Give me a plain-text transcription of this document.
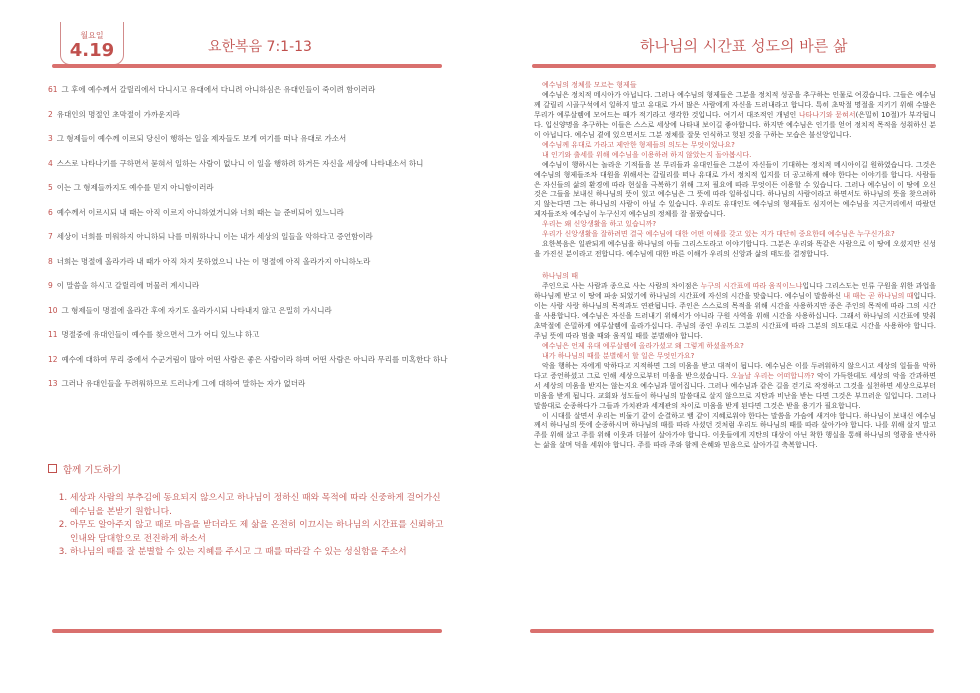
월요일
4.19	요한복음 7:1-13
61 그 후에 예수께서 갈릴리에서 다니시고 유대에서 다니려 아니하심은 유대인들이 죽이려 함이러라
2 유대인의 명절인 초막절이 가까운지라
3 그 형제들이 예수께 이르되 당신이 행하는 일을 제자들도 보게 여기를 떠나 유대로 가소서
4 스스로 나타나기를 구하면서 묻혀서 일하는 사람이 없나니 이 일을 행하려 하거든 자신을 세상에 나타내소서 하니
5 이는 그 형제들까지도 예수를 믿지 아니함이러라
6 예수께서 이르시되 내 때는 아직 이르지 아니하였거니와 너희 때는 늘 준비되어 있느니라
7 세상이 너희를 미워하지 아니하되 나를 미워하나니 이는 내가 세상의 일들을 악하다고 증언함이라
8 너희는 명절에 올라가라 내 때가 아직 차지 못하였으니 나는 이 명절에 아직 올라가지 아니하노라
9 이 말씀을 하시고 갈릴리에 머물러 계시니라
10 그 형제들이 명절에 올라간 후에 자기도 올라가시되 나타내지 않고 은밀히 가시니라
11 명절중에 유대인들이 예수를 찾으면서 그가 어디 있느냐 하고
12 예수에 대하여 무리 중에서 수군거림이 많아 어떤 사람은 좋은 사람이라 하며 어떤 사람은 아니라 무리를 미혹한다 하나
13 그러나 유대인들을 두려워하므로 드러나게 그에 대하여 말하는 자가 없더라
함께 기도하기
1. 세상과 사람의 부추김에 동요되지 않으시고 하나님이 정하신 때와 목적에 따라 신중하게 걸어가신 예수님을 본받기 원합니다.
2. 아무도 알아주지 않고 때로 마음을 받더라도 제 삶을 온전히 이끄시는 하나님의 시간표를 신뢰하고 인내와 담대함으로 전진하게 하소서
3. 하나님의 때를 잘 분별할 수 있는 지혜를 주시고 그 때를 따라갈 수 있는 성실함을 주소서
하나님의 시간표 성도의 바른 삶

예수님의 정체를 모르는 형제들

예수님은 정치적 메시아가 아닙니다. 그러나 예수님의 형제들은 그분을 정치적 성공을 추구하는 인물로 여겼습니다. 그들은 예수님께 갈릴리 시골구석에서 일하지 말고 유대로 가서 많은 사람에게 자신을 드러내라고 합니다. 특히 초막절 명절을 지키기 위해 수많은 무리가 예루살렘에 모여드는 때가 적기라고 생각한 것입니다. 여기서 대조적인 개념인 나타나기와 묻혀서(은밀히 10절)가 부각됩니다. 입신양명을 추구하는 이들은 스스로 세상에 나타내 보이길 좋아합니다. 하지만 예수님은 인기를 얻어 정치적 목적을 성취하신 분이 아닙니다. 예수님 곁에 있으면서도 그분 정체를 잘못 인식하고 헛된 것을 구하는 모습은 불신앙입니다.

예수님께 유대로 가라고 제안한 형제들의 의도는 무엇이었나요?

내 인기와 출세를 위해 예수님을 이용하려 하지 않았는지 돌아봅시다.

예수님이 행하시는 놀라운 기적들을 본 무리들과 유대인들은 그분이 자신들이 기대하는 정치적 메시아이길 원하였습니다. 그것은 예수님의 형제들조차 대원을 위해서는 갈릴리를 떠나 유대로 가서 정치적 입지를 더 공고하게 해야 한다는 이야기를 합니다. 사람들은 자신들의 삶의 환경에 따라 현실을 극복하기 위해 그저 필요에 따라 무엇이든 이용할 수 있습니다. 그러나 예수님이 이 땅에 오신 것은 그들을 보내신 하나님의 뜻이 있고 예수님은 그 뜻에 따라 일하십니다. 하나님의 사람이라고 하면서도 하나님의 뜻을 찾으려하지 않는다면 그는 하나님의 사람이 아닐 수 있습니다. 우리도 유대인도 예수님의 형제들도 심지어는 예수님을 지근거리에서 따랐던 제자들조차 예수님이 누구신지 예수님의 정체를 잘 몰랐습니다.

우리는 왜 신앙생활을 하고 있습니까?

우리가 신앙생활을 잘하려면 결국 예수님에 대한 어떤 이해를 갖고 있는 지가 대단히 중요한데 예수님은 누구신가요?

요한복음은 일관되게 예수님을 하나님의 아들 그리스도라고 이야기합니다. 그분은 우리와 똑같은 사람으로 이 땅에 오셨지만 신성을 가진신 분이라고 전합니다. 예수님에 대한 바른 이해가 우리의 신앙과 삶의 태도를 결정합니다.

하나님의 때

주인으로 사는 사람과 종으로 사는 사람의 차이점은 누구의 시간표에 따라 움직이느냐입니다 그리스도는 인류 구원을 위한 과업을 하나님께 받고 이 땅에 파송 되었기에 하나님의 시간표에 자신의 시간을 맞춥니다. 예수님이 말씀하신 내 때는 곧 하나님의 때입니다. 이는 사람 사랑 하나님의 목적과도 연관됩니다. 주인은 스스로의 목적을 위해 시간을 사용하지만 종은 주인의 목적에 따라 그의 시간을 사용합니다. 예수님은 자신을 드러내기 위해서가 아니라 구원 사역을 위해 시간을 사용하십니다. 그래서 하나님의 시간표에 맞춰 초막절에 은밀하게 예루살렘에 올라가십니다. 주님의 종인 우리도 그분의 시간표에 따라 그분의 의도대로 시간을 사용하야 합니다. 주님 뜻에 따라 멈출 때와 움직일 때를 분별해야 합니다.

예수님은 언제 유대 예루살렘에 올라가셨고 왜 그렇게 하셨을까요?

내가 하나님의 때를 분별해서 할 일은 무엇인가요?

악을 행하는 자에게 악하다고 지적하면 그의 미움을 받고 대적이 됩니다. 예수님은 이를 두려워하지 않으시고 세상의 일들을 악하다고 증언하셨고 그로 인해 세상으로부터 미움을 받으셨습니다. 오늘날 우리는 어떠합니까? 악이 가득한데도 세상의 악을 간과하면서 세상의 미움을 받지는 않는지요 예수님과 멀어집니다. 그러나 예수님과 같은 길을 걷기로 작정하고 그것을 실천하면 세상으로부터 미움을 받게 됩니다. 교회와 성도들이 하나님의 말씀대로 살지 않으므로 지탄과 비난을 받는 다면 그것은 부끄러운 일입니다. 그러나 말씀대로 순종하다가 그들과 가치관과 세계관의 차이로 미움을 받게 된다면 그것은 받을 용기가 필요합니다.

이 시대를 살면서 우리는 비둘기 같이 순결하고 뱀 같이 지혜로워야 한다는 말씀을 가슴에 새겨야 합니다. 하나님이 보내신 예수님께서 하나님의 뜻에 순종하시며 하나님의 때를 따라 사셨던 것처럼 우리도 하나님의 때를 따라 살아가야 합니다. 나를 위해 살지 말고 주를 위해 살고 주를 위해 이웃과 더불어 살아가야 합니다. 이웃들에게 지탄의 대상이 아닌 착한 행실을 통해 하나님의 영광을 반사하는 삶을 살며 덕을 세워야 합니다. 주를 따라 주와 함께 은혜와 믿음으로 살아가길 축복합니다.
